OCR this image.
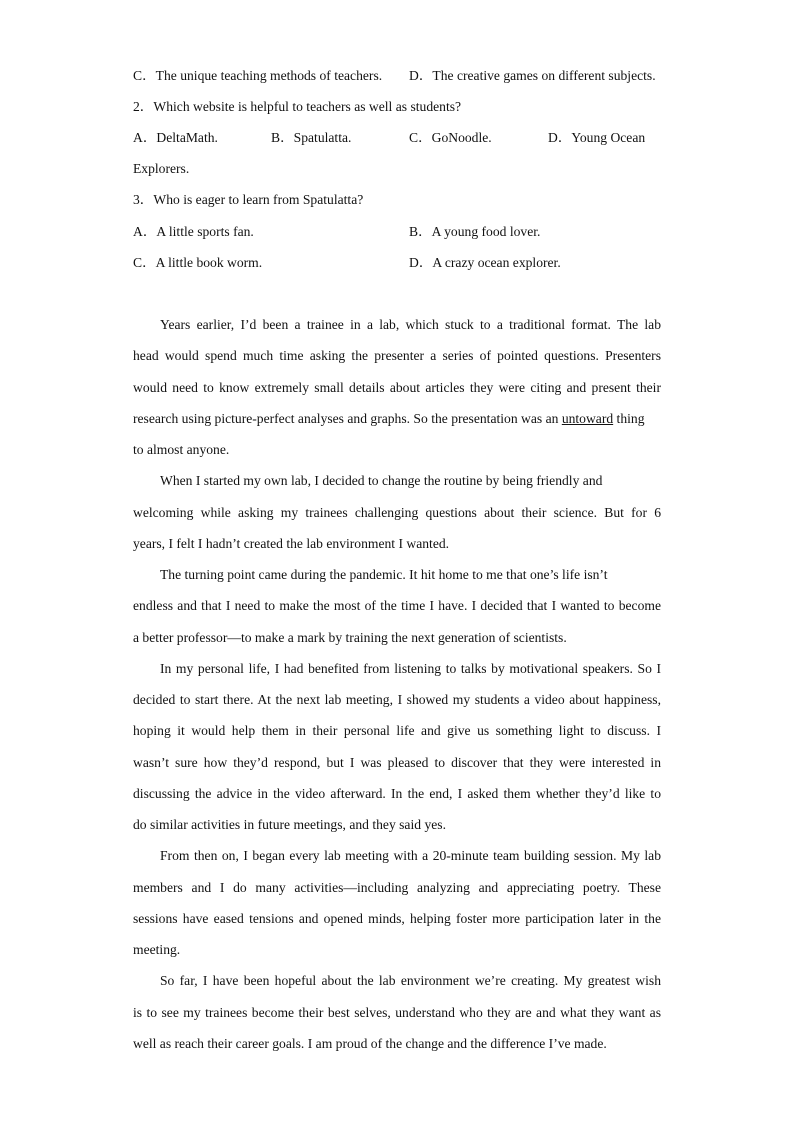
C．The unique teaching methods of teachers. D．The creative games on different subjects.
2．Which website is helpful to teachers as well as students?
A．DeltaMath.	B．Spatulatta.	C．GoNoodle.	D．Young Ocean
Explorers.
3．Who is eager to learn from Spatulatta?
A．A little sports fan.	B．A young food lover.
C．A little book worm.	D．A crazy ocean explorer.
Years earlier, I’d been a trainee in a lab, which stuck to a traditional format. The lab
head would spend much time asking the presenter a series of pointed questions. Presenters
would need to know extremely small details about articles they were citing and present their
research using picture-perfect analyses and graphs. So the presentation was an untoward thing
to almost anyone.
When I started my own lab, I decided to change the routine by being friendly and
welcoming while asking my trainees challenging questions about their science. But for 6
years, I felt I hadn’t created the lab environment I wanted.
The turning point came during the pandemic. It hit home to me that one’s life isn’t
endless and that I need to make the most of the time I have. I decided that I wanted to become
a better professor—to make a mark by training the next generation of scientists.
In my personal life, I had benefited from listening to talks by motivational speakers. So I
decided to start there. At the next lab meeting, I showed my students a video about happiness,
hoping it would help them in their personal life and give us something light to discuss. I
wasn’t sure how they’d respond, but I was pleased to discover that they were interested in
discussing the advice in the video afterward. In the end, I asked them whether they’d like to
do similar activities in future meetings, and they said yes.
From then on, I began every lab meeting with a 20-minute team building session. My lab
members and I do many activities—including analyzing and appreciating poetry. These
sessions have eased tensions and opened minds, helping foster more participation later in the
meeting.
So far, I have been hopeful about the lab environment we’re creating. My greatest wish
is to see my trainees become their best selves, understand who they are and what they want as
well as reach their career goals. I am proud of the change and the difference I’ve made.
